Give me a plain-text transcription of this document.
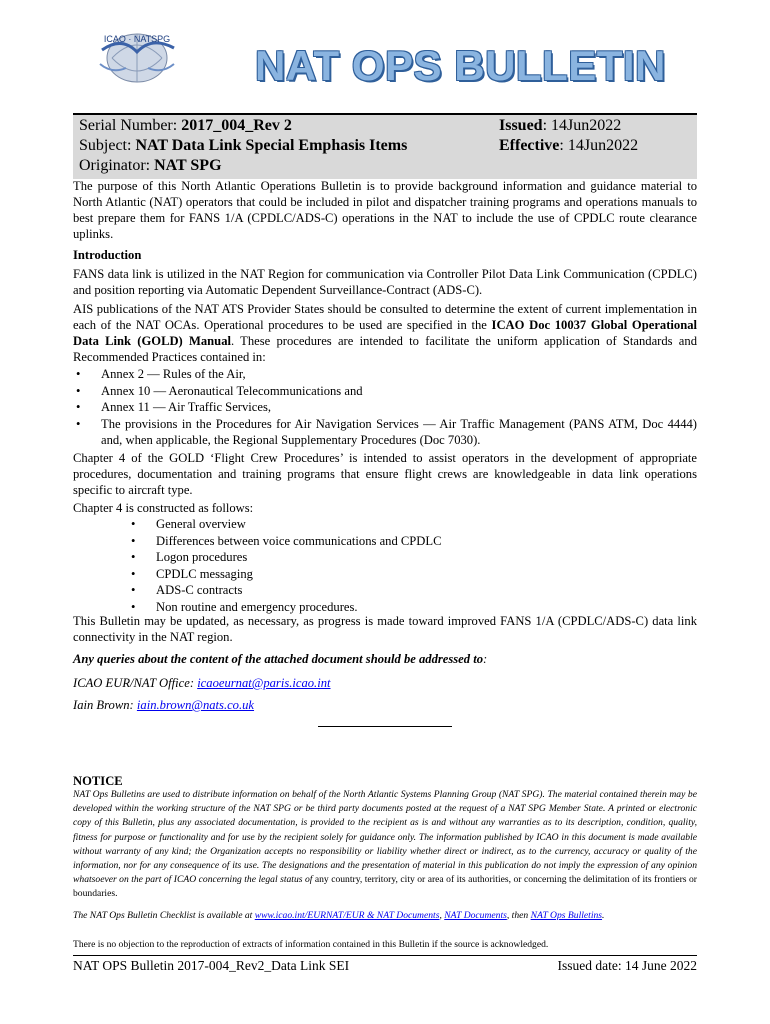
ICAO · NATSPG
NAT OPS BULLETIN
Serial Number: 2017_004_Rev 2
Subject: NAT Data Link Special Emphasis Items
Originator: NAT SPG
Issued: 14Jun2022
Effective: 14Jun2022
The purpose of this North Atlantic Operations Bulletin is to provide background information and guidance material to North Atlantic (NAT) operators that could be included in pilot and dispatcher training programs and operations manuals to best prepare them for FANS 1/A (CPDLC/ADS-C) operations in the NAT to include the use of CPDLC route clearance uplinks.
Introduction
FANS data link is utilized in the NAT Region for communication via Controller Pilot Data Link Communication (CPDLC) and position reporting via Automatic Dependent Surveillance-Contract (ADS-C).
AIS publications of the NAT ATS Provider States should be consulted to determine the extent of current implementation in each of the NAT OCAs. Operational procedures to be used are specified in the ICAO Doc 10037 Global Operational Data Link (GOLD) Manual. These procedures are intended to facilitate the uniform application of Standards and Recommended Practices contained in:
• Annex 2 — Rules of the Air,
• Annex 10 — Aeronautical Telecommunications and
• Annex 11 — Air Traffic Services,
• The provisions in the Procedures for Air Navigation Services — Air Traffic Management (PANS ATM, Doc 4444) and, when applicable, the Regional Supplementary Procedures (Doc 7030).
Chapter 4 of the GOLD ‘Flight Crew Procedures’ is intended to assist operators in the development of appropriate procedures, documentation and training programs that ensure flight crews are knowledgeable in data link operations specific to aircraft type.
Chapter 4 is constructed as follows:
• General overview
• Differences between voice communications and CPDLC
• Logon procedures
• CPDLC messaging
• ADS-C contracts
• Non routine and emergency procedures.
This Bulletin may be updated, as necessary, as progress is made toward improved FANS 1/A (CPDLC/ADS-C) data link connectivity in the NAT region.
Any queries about the content of the attached document should be addressed to:
ICAO EUR/NAT Office: icaoeurnat@paris.icao.int
Iain Brown: iain.brown@nats.co.uk
NOTICE
NAT Ops Bulletins are used to distribute information on behalf of the North Atlantic Systems Planning Group (NAT SPG). The material contained therein may be developed within the working structure of the NAT SPG or be third party documents posted at the request of a NAT SPG Member State. A printed or electronic copy of this Bulletin, plus any associated documentation, is provided to the recipient as is and without any warranties as to its description, condition, quality, fitness for purpose or functionality and for use by the recipient solely for guidance only. The information published by ICAO in this document is made available without warranty of any kind; the Organization accepts no responsibility or liability whether direct or indirect, as to the currency, accuracy or quality of the information, nor for any consequence of its use. The designations and the presentation of material in this publication do not imply the expression of any opinion whatsoever on the part of ICAO concerning the legal status of any country, territory, city or area of its authorities, or concerning the delimitation of its frontiers or boundaries.
The NAT Ops Bulletin Checklist is available at www.icao.int/EURNAT/EUR & NAT Documents, NAT Documents, then NAT Ops Bulletins.
There is no objection to the reproduction of extracts of information contained in this Bulletin if the source is acknowledged.
NAT OPS Bulletin 2017-004_Rev2_Data Link SEI	Issued date: 14 June 2022
